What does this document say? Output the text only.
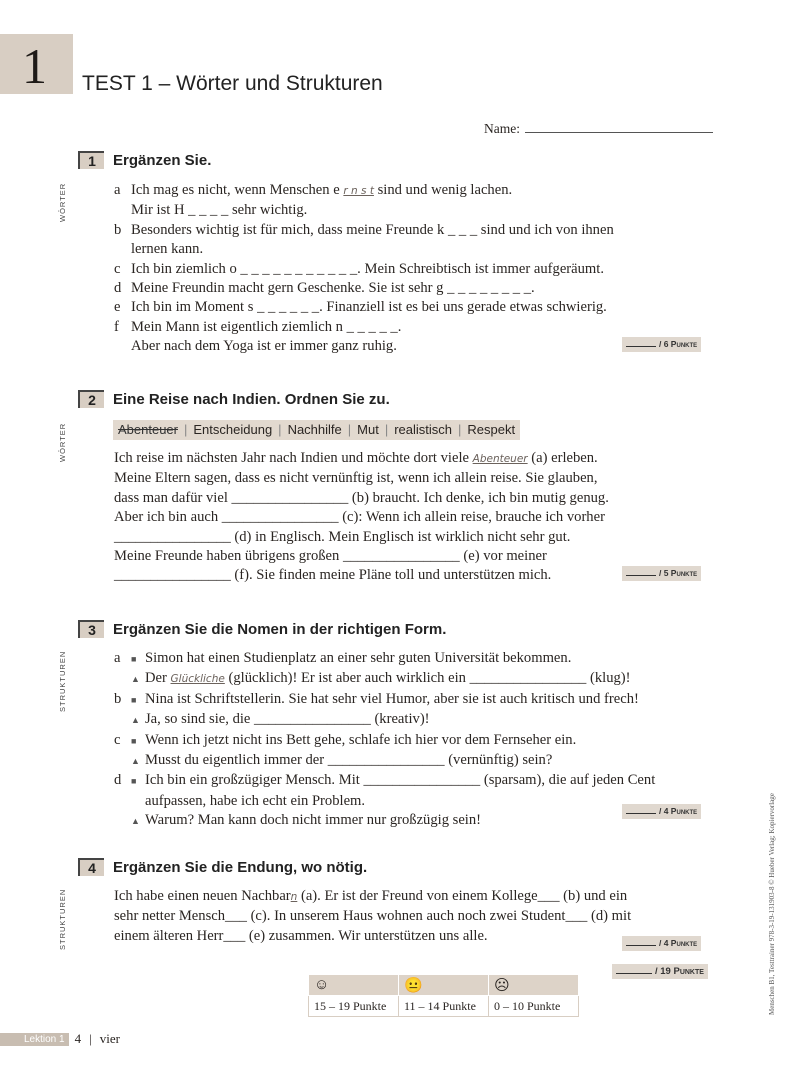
1	TEST 1 – Wörter und Strukturen
Name:
WÖRTER
WÖRTER
STRUKTUREN
STRUKTUREN
1	Ergänzen Sie.
a Ich mag es nicht, wenn Menschen e r n s t sind und wenig lachen.
Mir ist H _ _ _ _ sehr wichtig.
b Besonders wichtig ist für mich, dass meine Freunde k _ _ _ sind und ich von ihnen
lernen kann.
c Ich bin ziemlich o _ _ _ _ _ _ _ _ _ _ _. Mein Schreibtisch ist immer aufgeräumt.
d Meine Freundin macht gern Geschenke. Sie ist sehr g _ _ _ _ _ _ _ _.
e Ich bin im Moment s _ _ _ _ _ _. Finanziell ist es bei uns gerade etwas schwierig.
f Mein Mann ist eigentlich ziemlich n _ _ _ _ _.
Aber nach dem Yoga ist er immer ganz ruhig.	/ 6 Punkte
2	Eine Reise nach Indien. Ordnen Sie zu.
Abenteuer | Entscheidung | Nachhilfe | Mut | realistisch | Respekt
Ich reise im nächsten Jahr nach Indien und möchte dort viele Abenteuer (a) erleben.
Meine Eltern sagen, dass es nicht vernünftig ist, wenn ich allein reise. Sie glauben,
dass man dafür viel ________________ (b) braucht. Ich denke, ich bin mutig genug.
Aber ich bin auch ________________ (c): Wenn ich allein reise, brauche ich vorher
________________ (d) in Englisch. Mein Englisch ist wirklich nicht sehr gut.
Meine Freunde haben übrigens großen ________________ (e) vor meiner
________________ (f). Sie finden meine Pläne toll und unterstützen mich.	/ 5 Punkte
3	Ergänzen Sie die Nomen in der richtigen Form.
a ■ Simon hat einen Studienplatz an einer sehr guten Universität bekommen.
▲ Der Glückliche (glücklich)! Er ist aber auch wirklich ein ________________ (klug)!
b ■ Nina ist Schriftstellerin. Sie hat sehr viel Humor, aber sie ist auch kritisch und frech!
▲ Ja, so sind sie, die ________________ (kreativ)!
c ■ Wenn ich jetzt nicht ins Bett gehe, schlafe ich hier vor dem Fernseher ein.
▲ Musst du eigentlich immer der ________________ (vernünftig) sein?
d ■ Ich bin ein großzügiger Mensch. Mit ________________ (sparsam), die auf jeden Cent
aufpassen, habe ich echt ein Problem.
▲ Warum? Man kann doch nicht immer nur großzügig sein!
/ 4 Punkte
4	Ergänzen Sie die Endung, wo nötig.
Ich habe einen neuen Nachbarn (a). Er ist der Freund von einem Kollege___ (b) und ein
sehr netter Mensch___ (c). In unserem Haus wohnen auch noch zwei Student___ (d) mit
einem älteren Herr___ (e) zusammen. Wir unterstützen uns alle.	/ 4 Punkte
/ 19 Punkte
☺	😐	☹
15 – 19 Punkte	11 – 14 Punkte	0 – 10 Punkte
Lektion 1 4 | vier
Menschen B1, Testtrainer 978-3-19-131903-8 © Hueber Verlag; Kopiervorlage
